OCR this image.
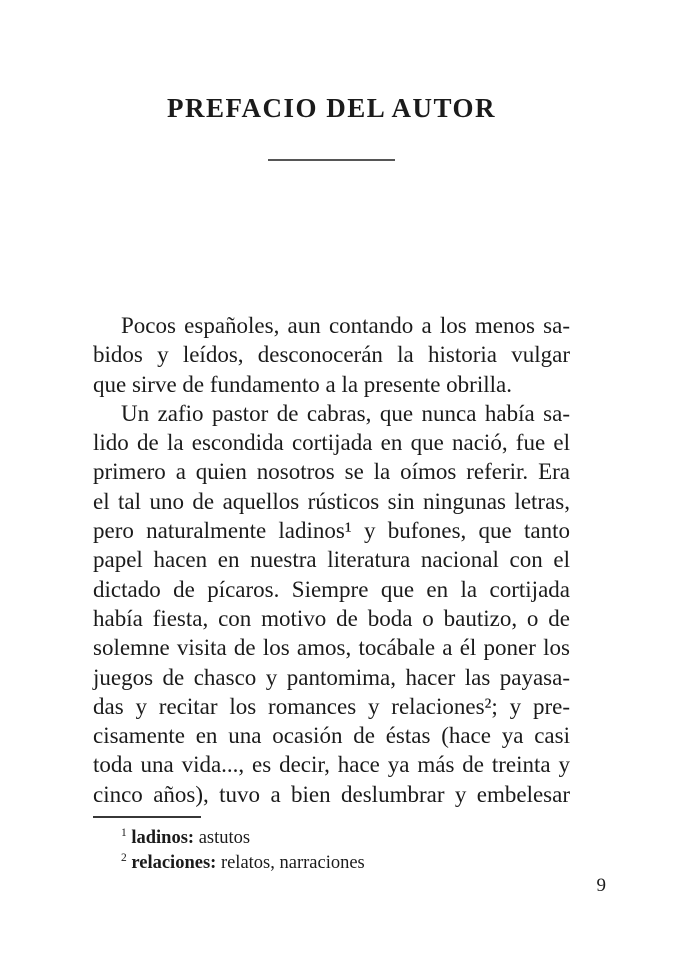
PREFACIO DEL AUTOR
Pocos españoles, aun contando a los menos sa-
bidos y leídos, desconocerán la historia vulgar
que sirve de fundamento a la presente obrilla.
Un zafio pastor de cabras, que nunca había sa-
lido de la escondida cortijada en que nació, fue el
primero a quien nosotros se la oímos referir. Era
el tal uno de aquellos rústicos sin ningunas letras,
pero naturalmente ladinos¹ y bufones, que tanto
papel hacen en nuestra literatura nacional con el
dictado de pícaros. Siempre que en la cortijada
había fiesta, con motivo de boda o bautizo, o de
solemne visita de los amos, tocábale a él poner los
juegos de chasco y pantomima, hacer las payasa-
das y recitar los romances y relaciones²; y pre-
cisamente en una ocasión de éstas (hace ya casi
toda una vida..., es decir, hace ya más de treinta y
cinco años), tuvo a bien deslumbrar y embelesar
$^1$ ladinos: astutos
$^2$ relaciones: relatos, narraciones
9
